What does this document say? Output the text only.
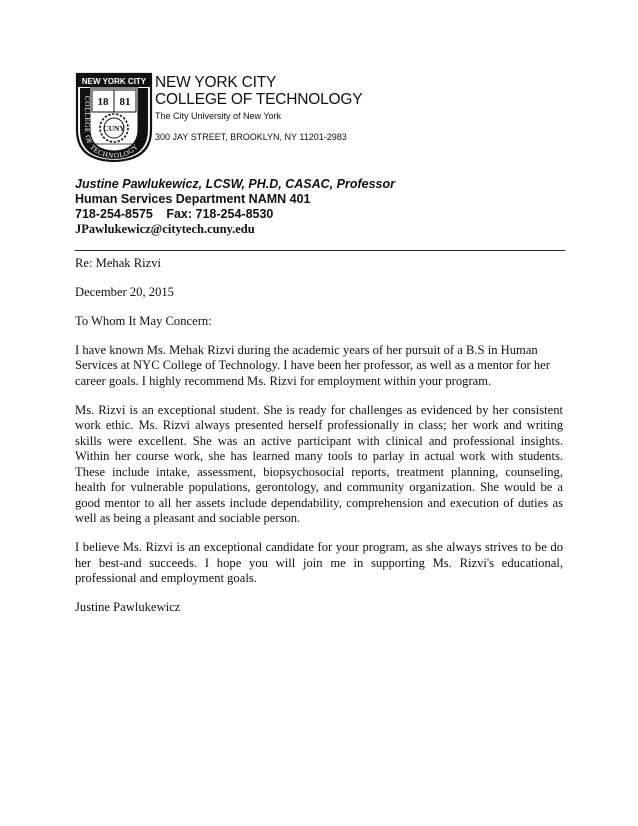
NEW YORK CITY
COLLEGE OF TECHNOLOGY
18 81
CUNY
NEW YORK CITY
COLLEGE OF TECHNOLOGY
The City University of New York
300 JAY STREET, BROOKLYN, NY 11201-2983
Justine Pawlukewicz, LCSW, PH.D, CASAC, Professor
Human Services Department NAMN 401
718-254-8575 Fax: 718-254-8530
JPawlukewicz@citytech.cuny.edu

Re: Mehak Rizvi

December 20, 2015

To Whom It May Concern:

I have known Ms. Mehak Rizvi during the academic years of her pursuit of a B.S in Human Services at NYC College of Technology. I have been her professor, as well as a mentor for her career goals. I highly recommend Ms. Rizvi for employment within your program.

Ms. Rizvi is an exceptional student. She is ready for challenges as evidenced by her consistent work ethic. Ms. Rizvi always presented herself professionally in class; her work and writing skills were excellent. She was an active participant with clinical and professional insights. Within her course work, she has learned many tools to parlay in actual work with students. These include intake, assessment, biopsychosocial reports, treatment planning, counseling, health for vulnerable populations, gerontology, and community organization. She would be a good mentor to all her assets include dependability, comprehension and execution of duties as well as being a pleasant and sociable person.

I believe Ms. Rizvi is an exceptional candidate for your program, as she always strives to be do her best-and succeeds. I hope you will join me in supporting Ms. Rizvi's educational, professional and employment goals.

Justine Pawlukewicz
